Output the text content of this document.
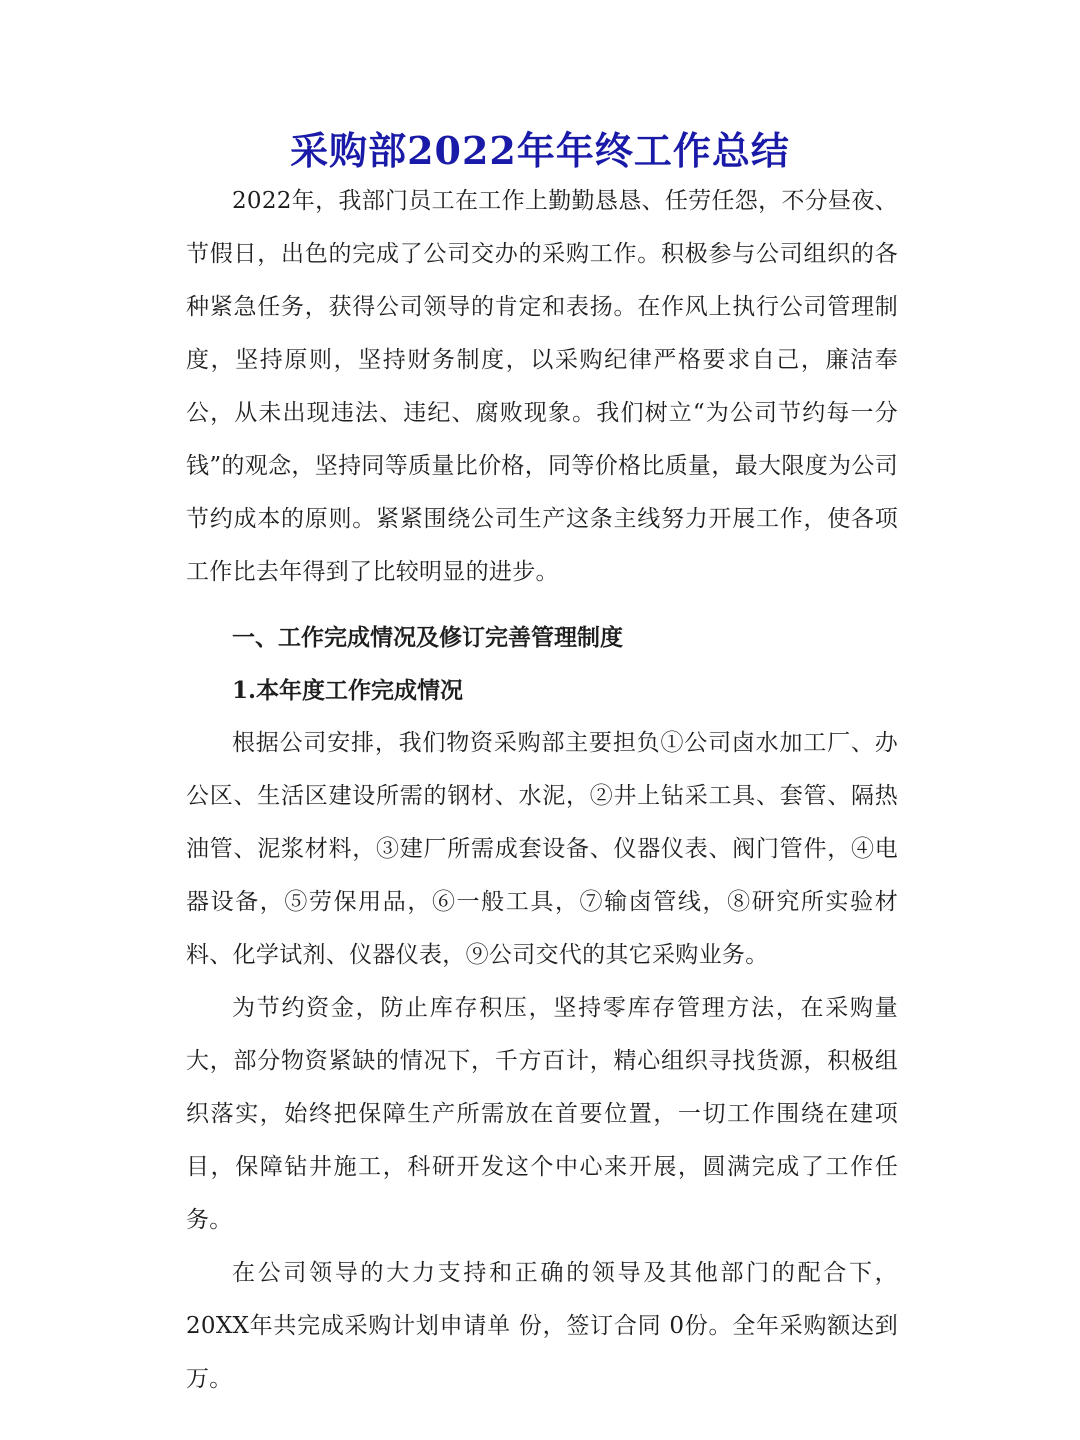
采购部2022年年终工作总结

2022年，我部门员工在工作上勤勤恳恳、任劳任怨，不分昼夜、节假日，出色的完成了公司交办的采购工作。积极参与公司组织的各种紧急任务，获得公司领导的肯定和表扬。在作风上执行公司管理制度，坚持原则，坚持财务制度，以采购纪律严格要求自己，廉洁奉公，从未出现违法、违纪、腐败现象。我们树立“为公司节约每一分钱”的观念，坚持同等质量比价格，同等价格比质量，最大限度为公司节约成本的原则。紧紧围绕公司生产这条主线努力开展工作，使各项工作比去年得到了比较明显的进步。

一、工作完成情况及修订完善管理制度

1.本年度工作完成情况

根据公司安排，我们物资采购部主要担负①公司卤水加工厂、办公区、生活区建设所需的钢材、水泥，②井上钻采工具、套管、隔热油管、泥浆材料，③建厂所需成套设备、仪器仪表、阀门管件，④电器设备，⑤劳保用品，⑥一般工具，⑦输卤管线，⑧研究所实验材料、化学试剂、仪器仪表，⑨公司交代的其它采购业务。

为节约资金，防止库存积压，坚持零库存管理方法，在采购量大，部分物资紧缺的情况下，千方百计，精心组织寻找货源，积极组织落实，始终把保障生产所需放在首要位置，一切工作围绕在建项目，保障钻井施工，科研开发这个中心来开展，圆满完成了工作任务。

在公司领导的大力支持和正确的领导及其他部门的配合下，20XX年共完成采购计划申请单 份，签订合同 0份。全年采购额达到 万。
